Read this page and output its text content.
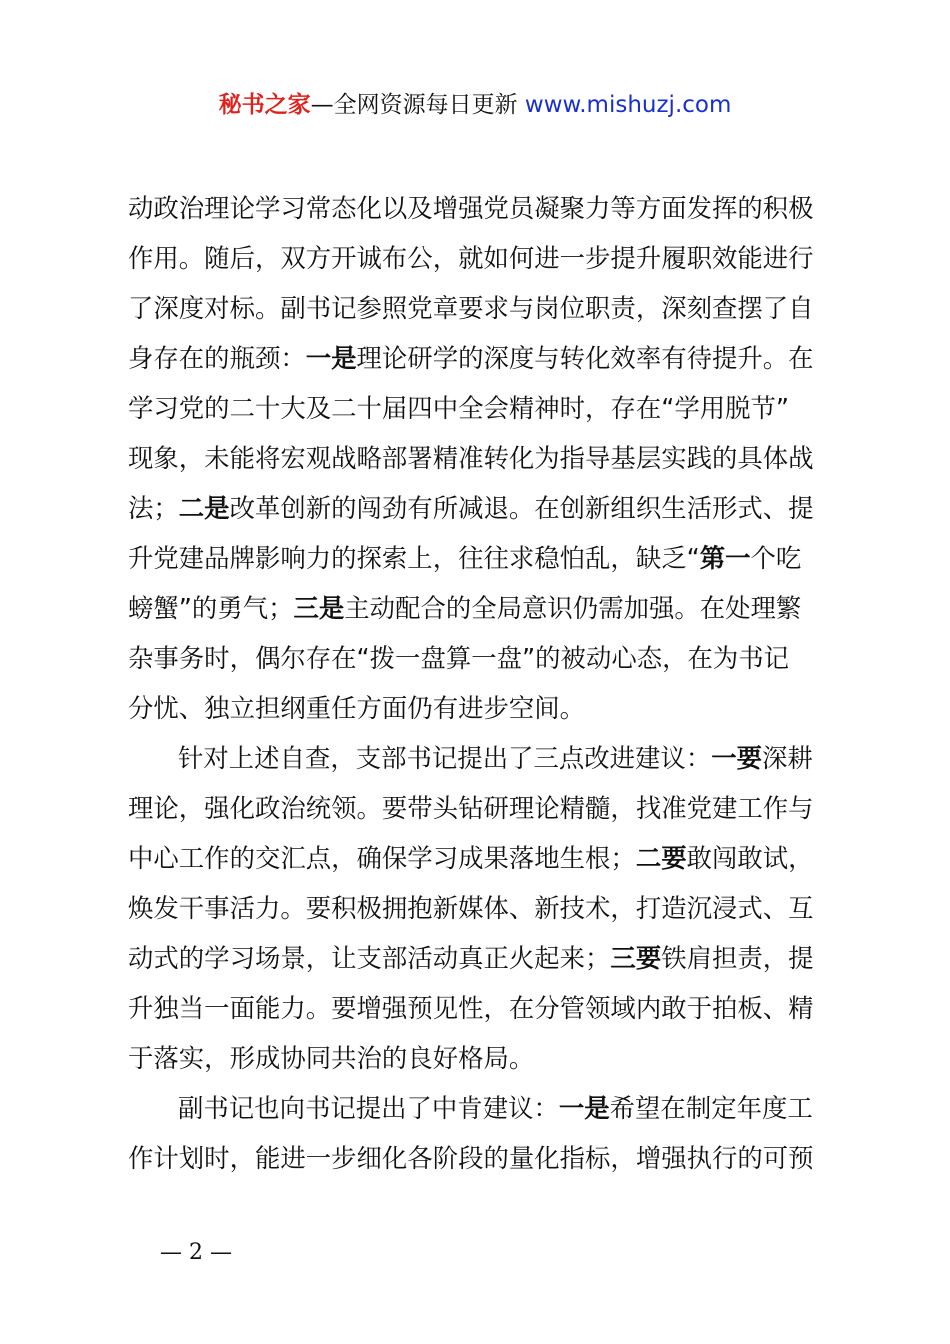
秘书之家—全网资源每日更新 www.mishuzj.com
动政治理论学习常态化以及增强党员凝聚力等方面发挥的积极
作用。随后，双方开诚布公，就如何进一步提升履职效能进行
了深度对标。副书记参照党章要求与岗位职责，深刻查摆了自
身存在的瓶颈：一是理论研学的深度与转化效率有待提升。在
学习党的二十大及二十届四中全会精神时，存在“学用脱节”
现象，未能将宏观战略部署精准转化为指导基层实践的具体战
法；二是改革创新的闯劲有所减退。在创新组织生活形式、提
升党建品牌影响力的探索上，往往求稳怕乱，缺乏“第一个吃
螃蟹”的勇气；三是主动配合的全局意识仍需加强。在处理繁
杂事务时，偶尔存在“拨一盘算一盘”的被动心态，在为书记
分忧、独立担纲重任方面仍有进步空间。
针对上述自查，支部书记提出了三点改进建议：一要深耕
理论，强化政治统领。要带头钻研理论精髓，找准党建工作与
中心工作的交汇点，确保学习成果落地生根；二要敢闯敢试，
焕发干事活力。要积极拥抱新媒体、新技术，打造沉浸式、互
动式的学习场景，让支部活动真正火起来；三要铁肩担责，提
升独当一面能力。要增强预见性，在分管领域内敢于拍板、精
于落实，形成协同共治的良好格局。
副书记也向书记提出了中肯建议：一是希望在制定年度工
作计划时，能进一步细化各阶段的量化指标，增强执行的可预
— 2 —
